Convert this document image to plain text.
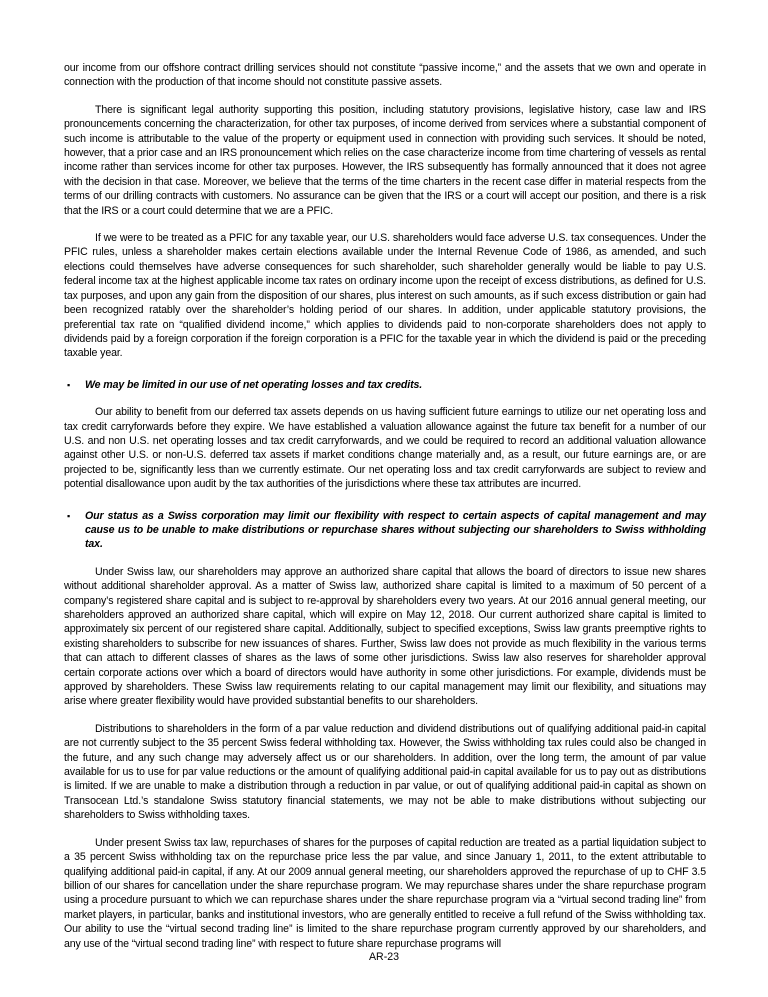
our income from our offshore contract drilling services should not constitute “passive income,” and the assets that we own and operate in connection with the production of that income should not constitute passive assets.

There is significant legal authority supporting this position, including statutory provisions, legislative history, case law and IRS pronouncements concerning the characterization, for other tax purposes, of income derived from services where a substantial component of such income is attributable to the value of the property or equipment used in connection with providing such services. It should be noted, however, that a prior case and an IRS pronouncement which relies on the case characterize income from time chartering of vessels as rental income rather than services income for other tax purposes. However, the IRS subsequently has formally announced that it does not agree with the decision in that case. Moreover, we believe that the terms of the time charters in the recent case differ in material respects from the terms of our drilling contracts with customers. No assurance can be given that the IRS or a court will accept our position, and there is a risk that the IRS or a court could determine that we are a PFIC.

If we were to be treated as a PFIC for any taxable year, our U.S. shareholders would face adverse U.S. tax consequences. Under the PFIC rules, unless a shareholder makes certain elections available under the Internal Revenue Code of 1986, as amended, and such elections could themselves have adverse consequences for such shareholder, such shareholder generally would be liable to pay U.S. federal income tax at the highest applicable income tax rates on ordinary income upon the receipt of excess distributions, as defined for U.S. tax purposes, and upon any gain from the disposition of our shares, plus interest on such amounts, as if such excess distribution or gain had been recognized ratably over the shareholder’s holding period of our shares. In addition, under applicable statutory provisions, the preferential tax rate on “qualified dividend income,” which applies to dividends paid to non-corporate shareholders does not apply to dividends paid by a foreign corporation if the foreign corporation is a PFIC for the taxable year in which the dividend is paid or the preceding taxable year.

▪	We may be limited in our use of net operating losses and tax credits.

Our ability to benefit from our deferred tax assets depends on us having sufficient future earnings to utilize our net operating loss and tax credit carryforwards before they expire. We have established a valuation allowance against the future tax benefit for a number of our U.S. and non U.S. net operating losses and tax credit carryforwards, and we could be required to record an additional valuation allowance against other U.S. or non-U.S. deferred tax assets if market conditions change materially and, as a result, our future earnings are, or are projected to be, significantly less than we currently estimate. Our net operating loss and tax credit carryforwards are subject to review and potential disallowance upon audit by the tax authorities of the jurisdictions where these tax attributes are incurred.

▪	Our status as a Swiss corporation may limit our flexibility with respect to certain aspects of capital management and may cause us to be unable to make distributions or repurchase shares without subjecting our shareholders to Swiss withholding tax.

Under Swiss law, our shareholders may approve an authorized share capital that allows the board of directors to issue new shares without additional shareholder approval. As a matter of Swiss law, authorized share capital is limited to a maximum of 50 percent of a company’s registered share capital and is subject to re-approval by shareholders every two years. At our 2016 annual general meeting, our shareholders approved an authorized share capital, which will expire on May 12, 2018. Our current authorized share capital is limited to approximately six percent of our registered share capital. Additionally, subject to specified exceptions, Swiss law grants preemptive rights to existing shareholders to subscribe for new issuances of shares. Further, Swiss law does not provide as much flexibility in the various terms that can attach to different classes of shares as the laws of some other jurisdictions. Swiss law also reserves for shareholder approval certain corporate actions over which a board of directors would have authority in some other jurisdictions. For example, dividends must be approved by shareholders. These Swiss law requirements relating to our capital management may limit our flexibility, and situations may arise where greater flexibility would have provided substantial benefits to our shareholders.

Distributions to shareholders in the form of a par value reduction and dividend distributions out of qualifying additional paid-in capital are not currently subject to the 35 percent Swiss federal withholding tax. However, the Swiss withholding tax rules could also be changed in the future, and any such change may adversely affect us or our shareholders. In addition, over the long term, the amount of par value available for us to use for par value reductions or the amount of qualifying additional paid-in capital available for us to pay out as distributions is limited. If we are unable to make a distribution through a reduction in par value, or out of qualifying additional paid-in capital as shown on Transocean Ltd.’s standalone Swiss statutory financial statements, we may not be able to make distributions without subjecting our shareholders to Swiss withholding taxes.

Under present Swiss tax law, repurchases of shares for the purposes of capital reduction are treated as a partial liquidation subject to a 35 percent Swiss withholding tax on the repurchase price less the par value, and since January 1, 2011, to the extent attributable to qualifying additional paid-in capital, if any. At our 2009 annual general meeting, our shareholders approved the repurchase of up to CHF 3.5 billion of our shares for cancellation under the share repurchase program. We may repurchase shares under the share repurchase program using a procedure pursuant to which we can repurchase shares under the share repurchase program via a “virtual second trading line” from market players, in particular, banks and institutional investors, who are generally entitled to receive a full refund of the Swiss withholding tax. Our ability to use the “virtual second trading line” is limited to the share repurchase program currently approved by our shareholders, and any use of the “virtual second trading line” with respect to future share repurchase programs will

AR-23
